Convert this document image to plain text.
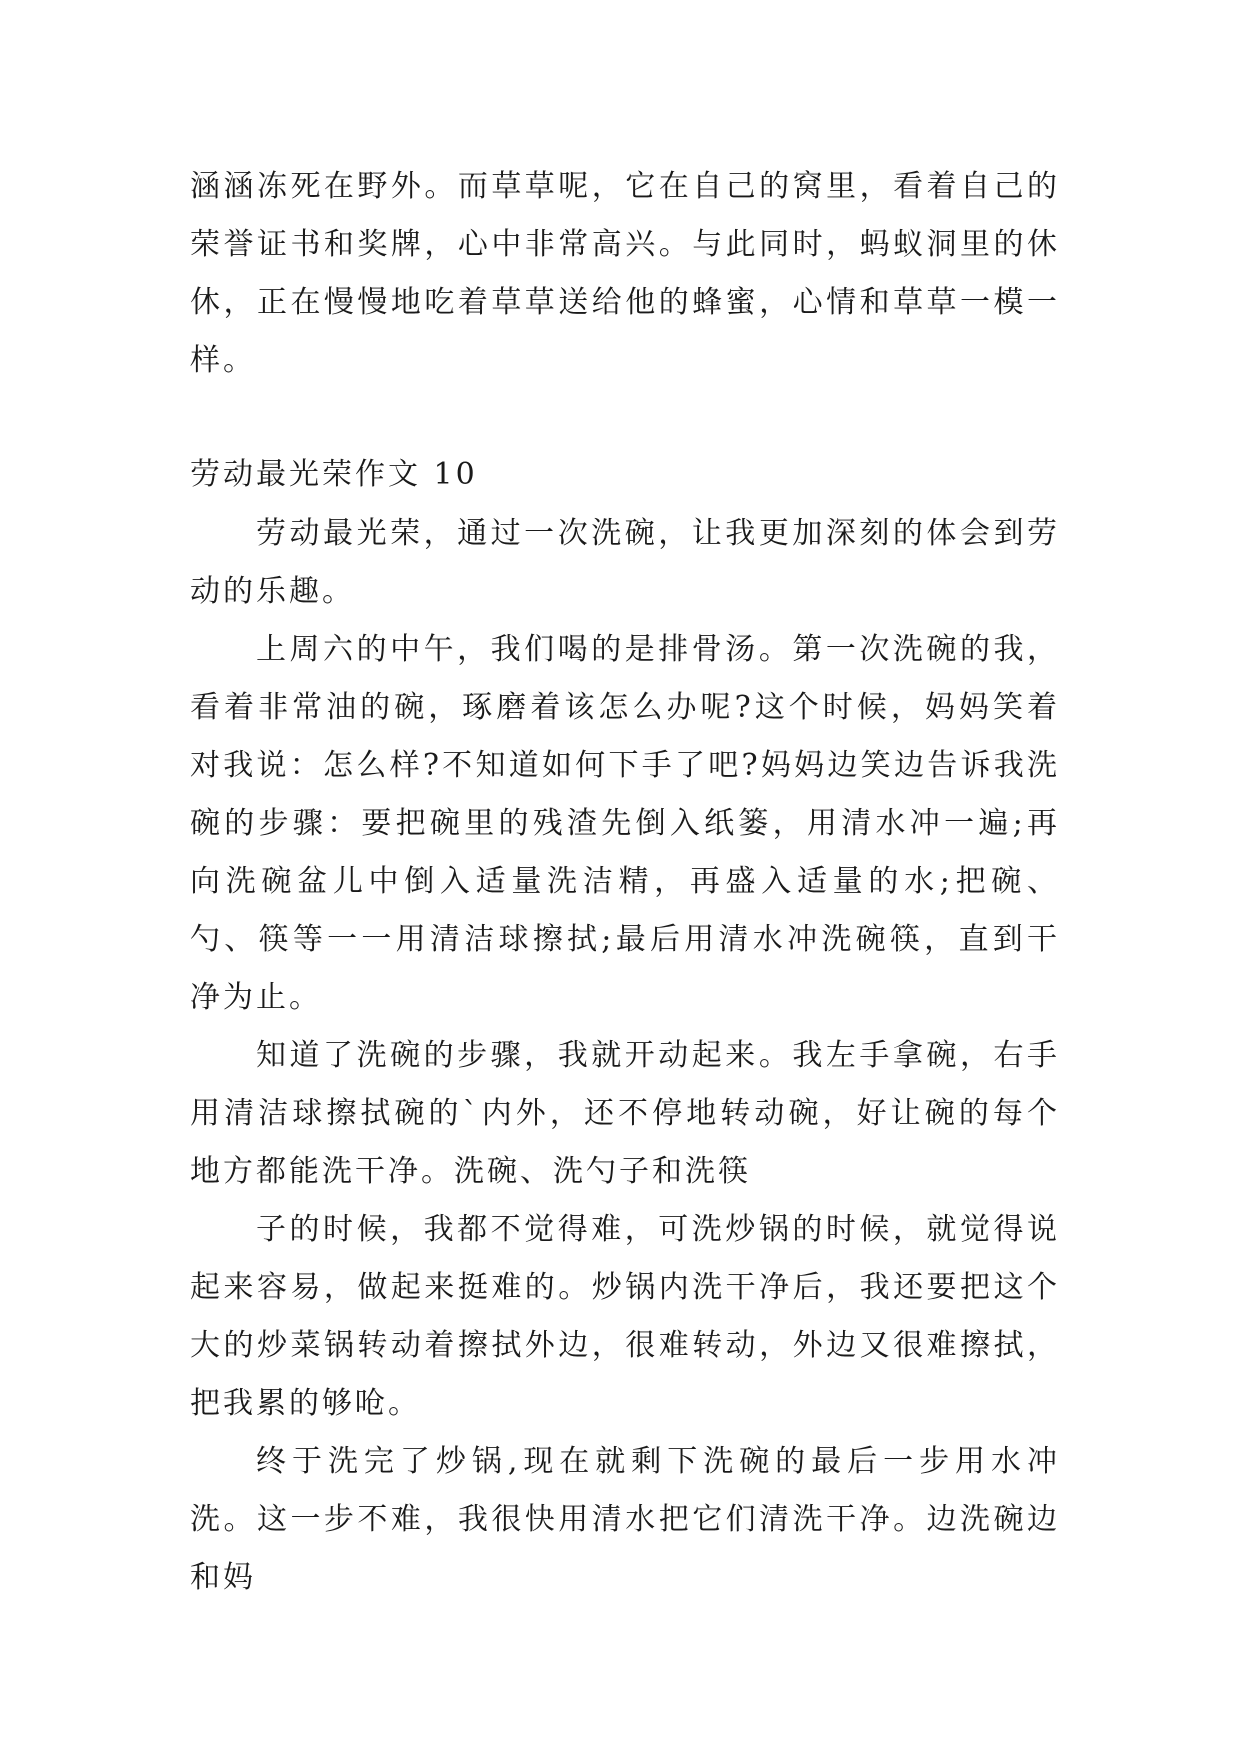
涵涵冻死在野外。而草草呢，它在自己的窝里，看着自己的荣誉证书和奖牌，心中非常高兴。与此同时，蚂蚁洞里的休休，正在慢慢地吃着草草送给他的蜂蜜，心情和草草一模一样。

劳动最光荣作文 10

劳动最光荣，通过一次洗碗，让我更加深刻的体会到劳动的乐趣。

上周六的中午，我们喝的是排骨汤。第一次洗碗的我，看着非常油的碗，琢磨着该怎么办呢?这个时候，妈妈笑着对我说：怎么样?不知道如何下手了吧?妈妈边笑边告诉我洗碗的步骤：要把碗里的残渣先倒入纸篓，用清水冲一遍;再向洗碗盆儿中倒入适量洗洁精，再盛入适量的水;把碗、勺、筷等一一用清洁球擦拭;最后用清水冲洗碗筷，直到干净为止。

知道了洗碗的步骤，我就开动起来。我左手拿碗，右手用清洁球擦拭碗的`内外，还不停地转动碗，好让碗的每个地方都能洗干净。洗碗、洗勺子和洗筷

子的时候，我都不觉得难，可洗炒锅的时候，就觉得说起来容易，做起来挺难的。炒锅内洗干净后，我还要把这个大的炒菜锅转动着擦拭外边，很难转动，外边又很难擦拭，把我累的够呛。

终于洗完了炒锅,现在就剩下洗碗的最后一步用水冲洗。这一步不难，我很快用清水把它们清洗干净。边洗碗边和妈
